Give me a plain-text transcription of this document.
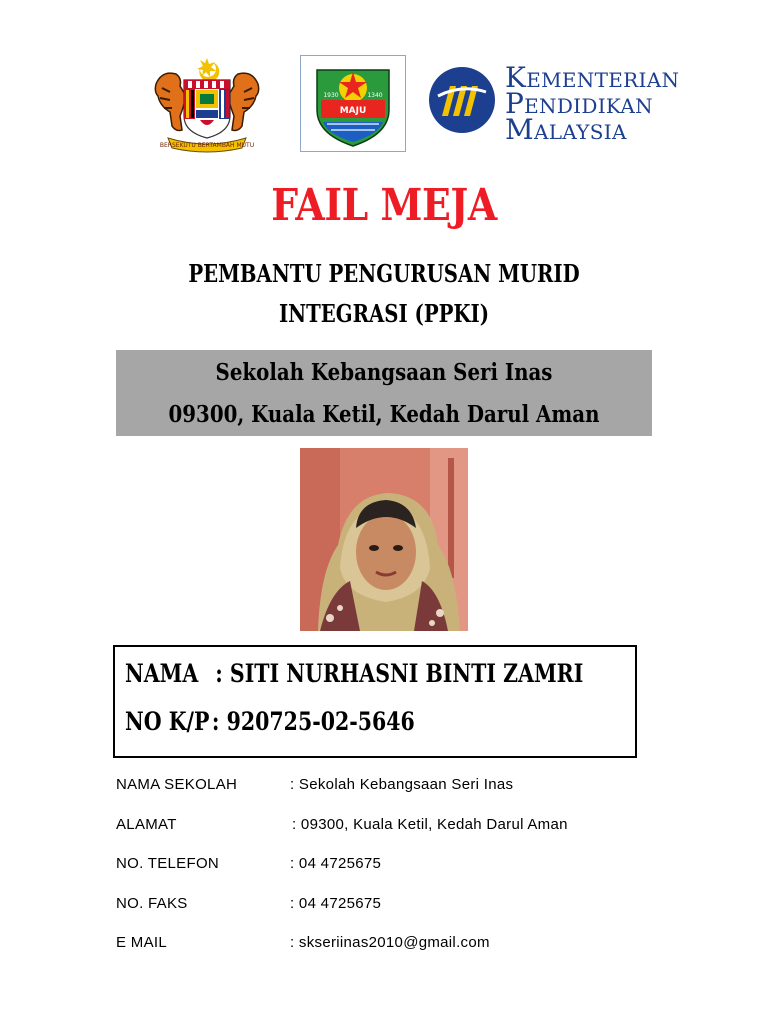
BERSEKUTU BERTAMBAH MUTU
MAJU
1930	1340
KEMENTERIAN
PENDIDIKAN
MALAYSIA
FAIL MEJA
PEMBANTU PENGURUSAN MURID
INTEGRASI (PPKI)
Sekolah Kebangsaan Seri Inas
09300, Kuala Ketil, Kedah Darul Aman
NAMA : SITI NURHASNI BINTI ZAMRI
NO K/P: 920725-02-5646
NAMA SEKOLAH	: Sekolah Kebangsaan Seri Inas
ALAMAT	: 09300, Kuala Ketil, Kedah Darul Aman
NO. TELEFON	: 04 4725675
NO. FAKS	: 04 4725675
E MAIL	: skseriinas2010@gmail.com
